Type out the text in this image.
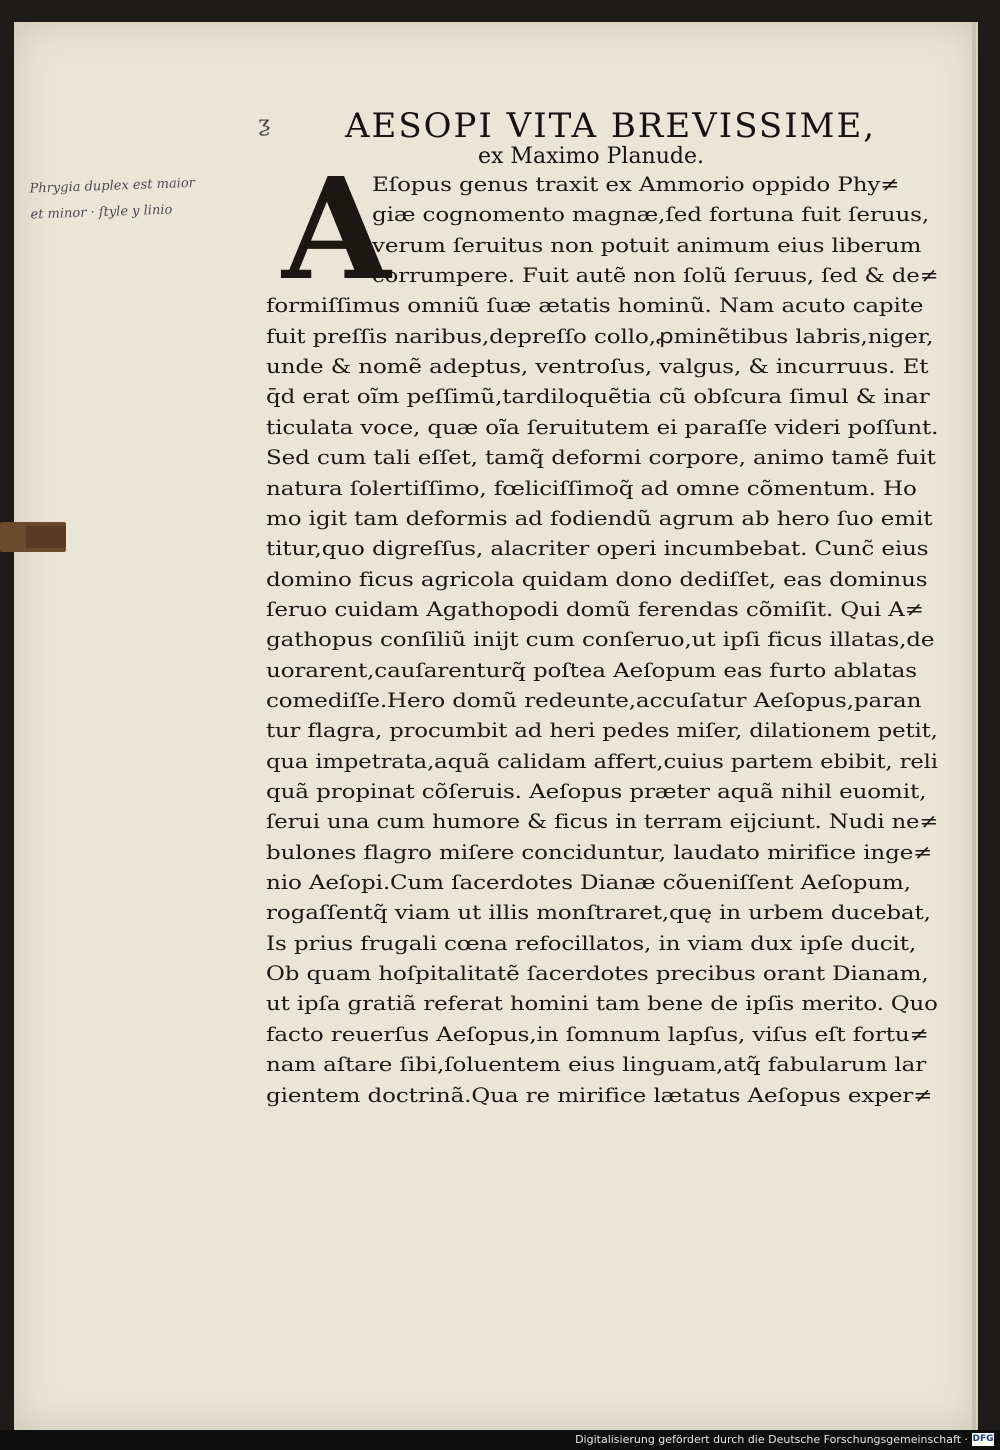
Phrygia duplex est maior
et minor · ſtyle y linio
ƺ AESOPI VITA BREVISSIME,
ex Maximo Planude.
A
Eſopus genus traxit ex Ammorio oppido Phy≠
giæ cognomento magnæ,ſed fortuna fuit ſeruus,
verum ſeruitus non potuit animum eius liberum
corrumpere. Fuit autẽ non ſolũ ſeruus, ſed & de≠
formiſſimus omniũ ſuæ ætatis hominũ. Nam acuto capite
fuit preſſis naribus,depreſſo collo,ꝓminẽtibus labris,niger,
unde & nomẽ adeptus, ventroſus, valgus, & incurruus. Et
q̄d erat oĩm peſſimũ,tardiloquẽtia cũ obſcura ſimul & inar
ticulata voce, quæ oĩa ſeruitutem ei paraſſe videri poſſunt.
Sed cum tali eſſet, tamq̃ deformi corpore, animo tamẽ fuit
natura ſolertiſſimo, fœliciſſimoq̃ ad omne cõmentum. Ho
mo igit tam deformis ad fodiendũ agrum ab hero ſuo emit
titur,quo digreſſus, alacriter operi incumbebat. Cunc̃ eius
domino ficus agricola quidam dono dediſſet, eas dominus
ſeruo cuidam Agathopodi domũ ferendas cõmiſit. Qui A≠
gathopus conſiliũ iniјt cum conſeruo,ut ipſi ficus illatas,de
uorarent,cauſarenturq̃ poſtea Aeſopum eas furto ablatas
comediſſe.Hero domũ redeunte,accuſatur Aeſopus,paran
tur flagra, procumbit ad heri pedes miſer, dilationem petit,
qua impetrata,aquã calidam affert,cuius partem ebibit, reli
quã propinat cõſeruis. Aeſopus præter aquã nihil euomit,
ſerui una cum humore & ficus in terram eijciunt. Nudi ne≠
bulones flagro miſere conciduntur, laudato mirifice inge≠
nio Aeſopi.Cum ſacerdotes Dianæ cõueniſſent Aeſopum,
rogaſſentq̃ viam ut illis monſtraret,quę in urbem ducebat,
Is prius frugali cœna refocillatos, in viam dux ipſe ducit,
Ob quam hoſpitalitatẽ ſacerdotes precibus orant Dianam,
ut ipſa gratiã referat homini tam bene de ipſis merito. Quo
facto reuerſus Aeſopus,in ſomnum lapſus, viſus eſt fortu≠
nam aſtare ſibi,ſoluentem eius linguam,atq̃ fabularum lar
gientem doctrinã.Qua re mirifice lætatus Aeſopus exper≠
Digitalisierung gefördert durch die Deutsche Forschungsgemeinschaft · DFG
